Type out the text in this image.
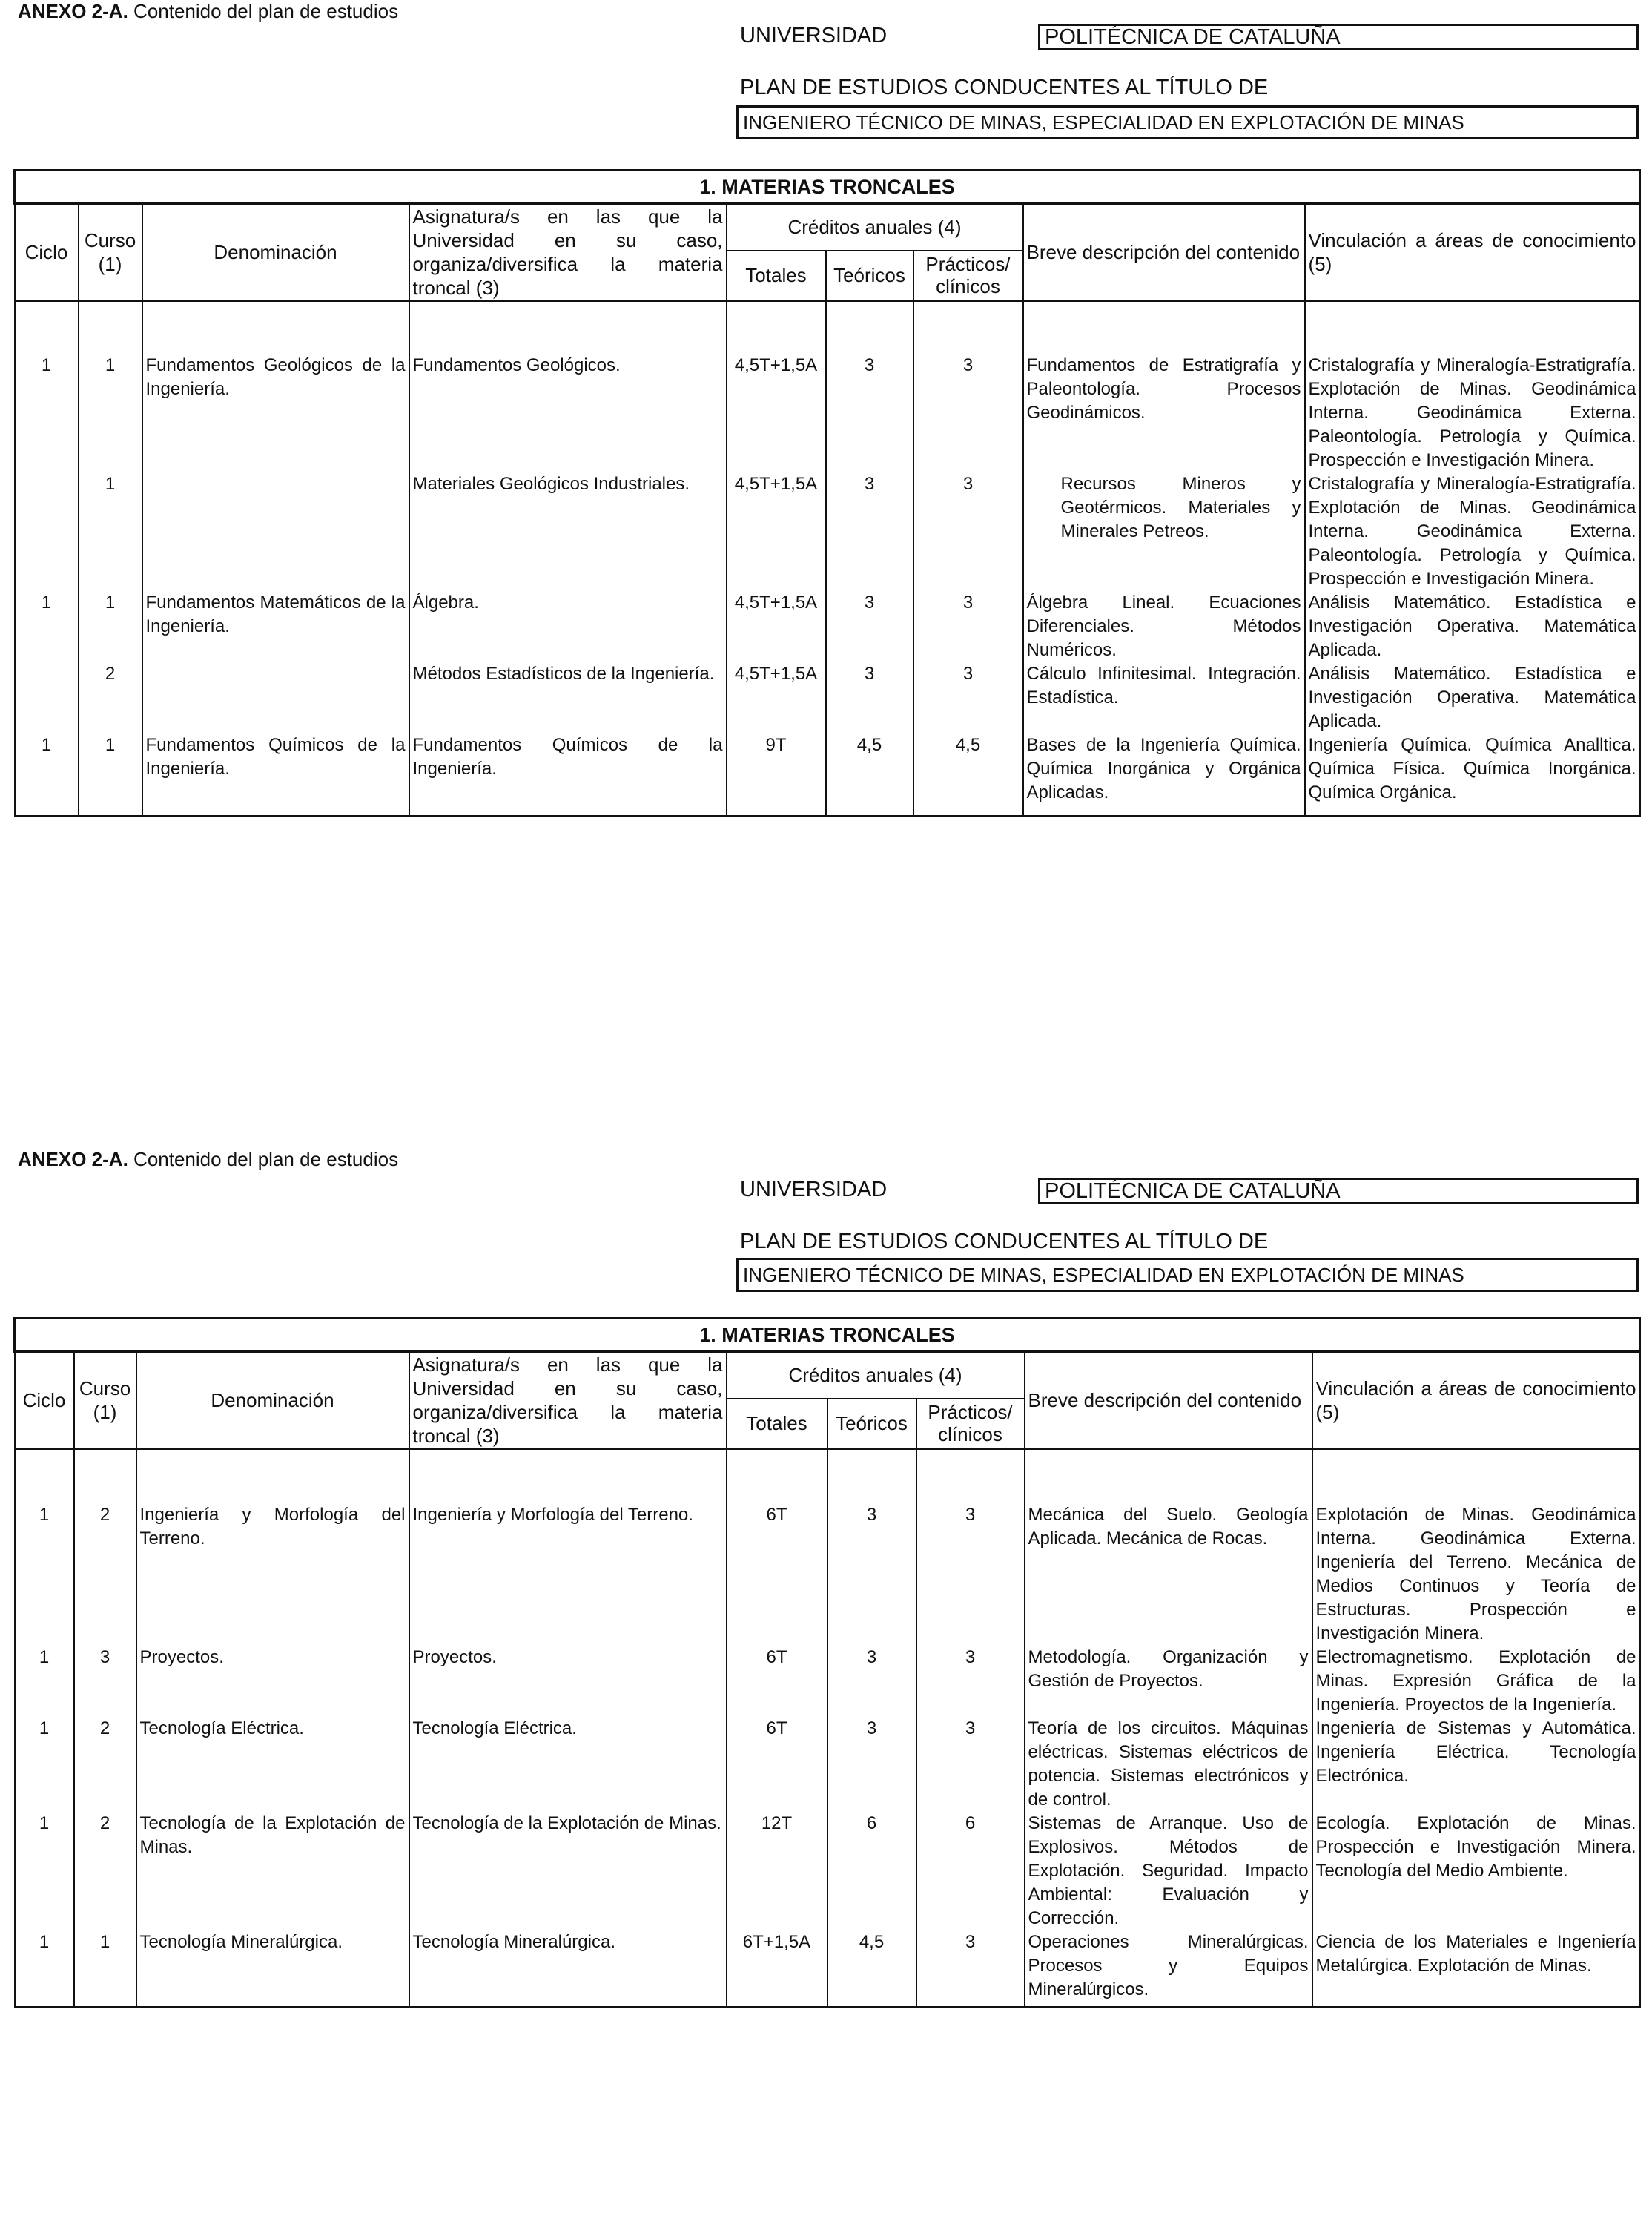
ANEXO 2-A. Contenido del plan de estudios
UNIVERSIDAD	POLITÉCNICA DE CATALUÑA
PLAN DE ESTUDIOS CONDUCENTES AL TÍTULO DE
INGENIERO TÉCNICO DE MINAS, ESPECIALIDAD EN EXPLOTACIÓN DE MINAS
1. MATERIAS TRONCALES								
Ciclo	Curso (1)	Denominación	Asignatura/s en las que la Universidad en su caso, organiza/diversifica la materia troncal (3)	Créditos anuales (4)			Breve descripción del contenido	Vinculación a áreas de conocimiento (5)
				Totales	Teóricos	Prácticos/ clínicos		
1	1	Fundamentos Geológicos de la Ingeniería.	Fundamentos Geológicos.	4,5T+1,5A	3	3	Fundamentos de Estratigrafía y Paleontología. Procesos Geodinámicos.	Cristalografía y Mineralogía-Estratigrafía. Explotación de Minas. Geodinámica Interna. Geodinámica Externa. Paleontología. Petrología y Química. Prospección e Investigación Minera.
	1		Materiales Geológicos Industriales.	4,5T+1,5A	3	3	Recursos Mineros y Geotérmicos. Materiales y Minerales Petreos.	Cristalografía y Mineralogía-Estratigrafía. Explotación de Minas. Geodinámica Interna. Geodinámica Externa. Paleontología. Petrología y Química. Prospección e Investigación Minera.
1	1	Fundamentos Matemáticos de la Ingeniería.	Álgebra.	4,5T+1,5A	3	3	Álgebra Lineal. Ecuaciones Diferenciales. Métodos Numéricos.	Análisis Matemático. Estadística e Investigación Operativa. Matemática Aplicada.
	2		Métodos Estadísticos de la Ingeniería.	4,5T+1,5A	3	3	Cálculo Infinitesimal. Integración. Estadística.	Análisis Matemático. Estadística e Investigación Operativa. Matemática Aplicada.
1	1	Fundamentos Químicos de la Ingeniería.	Fundamentos Químicos de la Ingeniería.	9T	4,5	4,5	Bases de la Ingeniería Química. Química Inorgánica y Orgánica Aplicadas.	Ingeniería Química. Química Analltica. Química Física. Química Inorgánica. Química Orgánica.
ANEXO 2-A. Contenido del plan de estudios
UNIVERSIDAD	POLITÉCNICA DE CATALUÑA
PLAN DE ESTUDIOS CONDUCENTES AL TÍTULO DE
INGENIERO TÉCNICO DE MINAS, ESPECIALIDAD EN EXPLOTACIÓN DE MINAS
1. MATERIAS TRONCALES								
Ciclo	Curso (1)	Denominación	Asignatura/s en las que la Universidad en su caso, organiza/diversifica la materia troncal (3)	Créditos anuales (4)			Breve descripción del contenido	Vinculación a áreas de conocimiento (5)
				Totales	Teóricos	Prácticos/ clínicos		
1	2	Ingeniería y Morfología del Terreno.	Ingeniería y Morfología del Terreno.	6T	3	3	Mecánica del Suelo. Geología Aplicada. Mecánica de Rocas.	Explotación de Minas. Geodinámica Interna. Geodinámica Externa. Ingeniería del Terreno. Mecánica de Medios Continuos y Teoría de Estructuras. Prospección e Investigación Minera.
1	3	Proyectos.	Proyectos.	6T	3	3	Metodología. Organización y Gestión de Proyectos.	Electromagnetismo. Explotación de Minas. Expresión Gráfica de la Ingeniería. Proyectos de la Ingeniería.
1	2	Tecnología Eléctrica.	Tecnología Eléctrica.	6T	3	3	Teoría de los circuitos. Máquinas eléctricas. Sistemas eléctricos de potencia. Sistemas electrónicos y de control.	Ingeniería de Sistemas y Automática. Ingeniería Eléctrica. Tecnología Electrónica.
1	2	Tecnología de la Explotación de Minas.	Tecnología de la Explotación de Minas.	12T	6	6	Sistemas de Arranque. Uso de Explosivos. Métodos de Explotación. Seguridad. Impacto Ambiental: Evaluación y Corrección.	Ecología. Explotación de Minas. Prospección e Investigación Minera. Tecnología del Medio Ambiente.
1	1	Tecnología Mineralúrgica.	Tecnología Mineralúrgica.	6T+1,5A	4,5	3	Operaciones Mineralúrgicas. Procesos y Equipos Mineralúrgicos.	Ciencia de los Materiales e Ingeniería Metalúrgica. Explotación de Minas.
